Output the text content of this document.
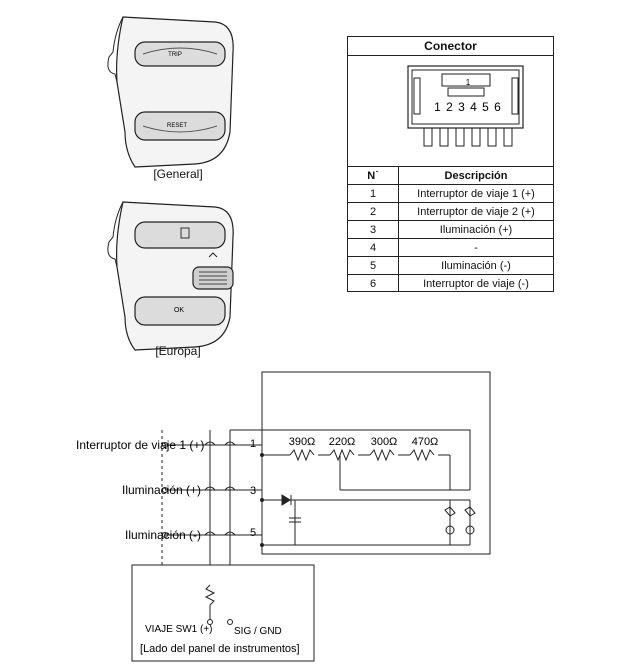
TRIP
RESET
OK
[General]
[Europa]
Conector
1
1 2 3 4 5 6
N˙	Descripción
1	Interruptor de viaje 1 (+)
2	Interruptor de viaje 2 (+)
3	Iluminación (+)
4	-
5	Iluminación (-)
6	Interruptor de viaje (-)
Interruptor de viaje 1 (+)
Iluminación (+)
Iluminación (-)
1
3
5
390Ω 220Ω 300Ω 470Ω
VIAJE SW1 (+) SIG / GND
[Lado del panel de instrumentos]
